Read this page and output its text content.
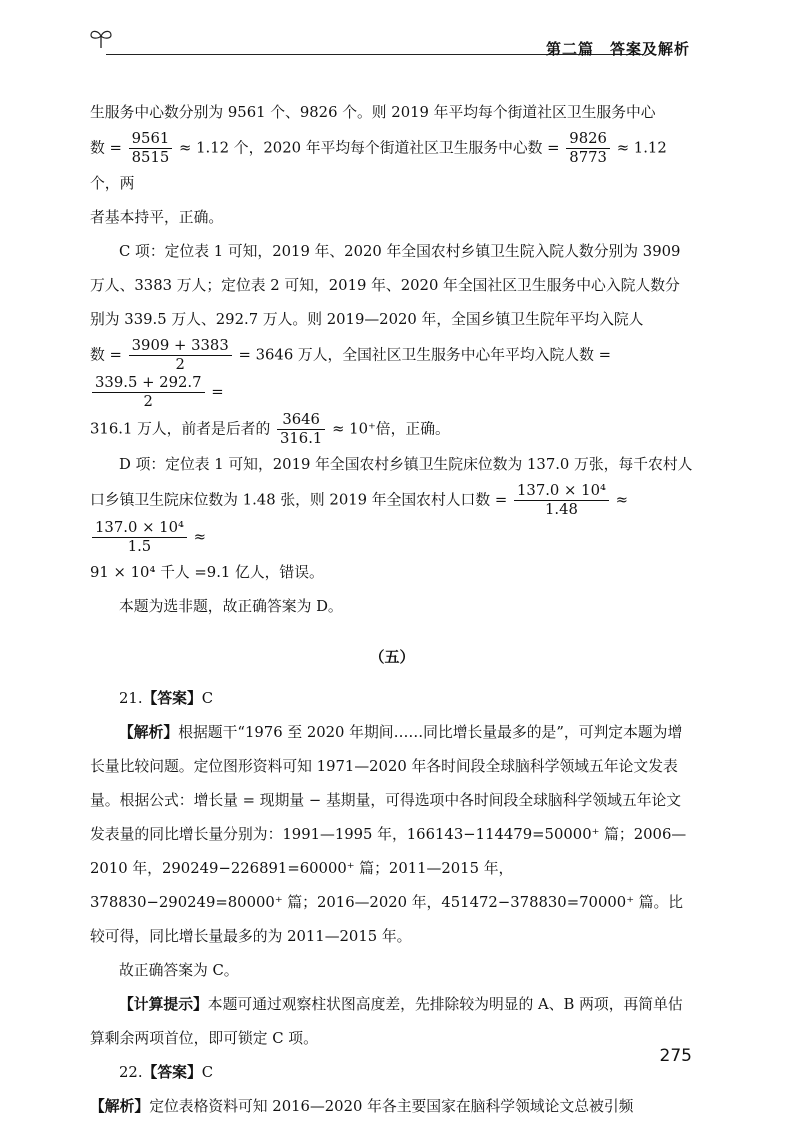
第二篇　答案及解析

生服务中心数分别为 9561 个、9826 个。则 2019 年平均每个街道社区卫生服务中心

数 = $\frac{9561}{8515} \approx 1.12$ 个，2020 年平均每个街道社区卫生服务中心数 = $\frac{9826}{8773} \approx 1.12$ 个，两

者基本持平，正确。

C 项：定位表 1 可知，2019 年、2020 年全国农村乡镇卫生院入院人数分别为 3909 万人、3383 万人；定位表 2 可知，2019 年、2020 年全国社区卫生服务中心入院人数分别为 339.5 万人、292.7 万人。则 2019—2020 年，全国乡镇卫生院年平均入院人

数 = $\frac{3909 + 3383}{2} = 3646$ 万人，全国社区卫生服务中心年平均入院人数 =
$\frac{339.5 + 292.7}{2}$ =

316.1 万人，前者是后者的 $\frac{3646}{316.1} \approx 10^+$倍，正确。

D 项：定位表 1 可知，2019 年全国农村乡镇卫生院床位数为 137.0 万张，每千农村人

口乡镇卫生院床位数为 1.48 张，则 2019 年全国农村人口数 = $\frac{\text{137.0 × 10⁴}}{1.48}$ ≈
$\frac{\text{137.0 × 10⁴}}{1.5}$ ≈

91 × 10⁴ 千人 =9.1 亿人，错误。

本题为选非题，故正确答案为 D。

（五）

21.【答案】C

【解析】根据题干“1976 至 2020 年期间……同比增长量最多的是”，可判定本题为增长量比较问题。定位图形资料可知 1971—2020 年各时间段全球脑科学领域五年论文发表量。根据公式：增长量 = 现期量 − 基期量，可得选项中各时间段全球脑科学领域五年论文发表量的同比增长量分别为：1991—1995 年，166143−114479=50000⁺ 篇；2006—2010 年，290249−226891=60000⁺ 篇；2011—2015 年，378830−290249=80000⁺ 篇；2016—2020 年，451472−378830=70000⁺ 篇。比较可得，同比增长量最多的为 2011—2015 年。

故正确答案为 C。

【计算提示】本题可通过观察柱状图高度差，先排除较为明显的 A、B 两项，再简单估算剩余两项首位，即可锁定 C 项。

22.【答案】C

【解析】定位表格资料可知 2016—2020 年各主要国家在脑科学领域论文总被引频

275
